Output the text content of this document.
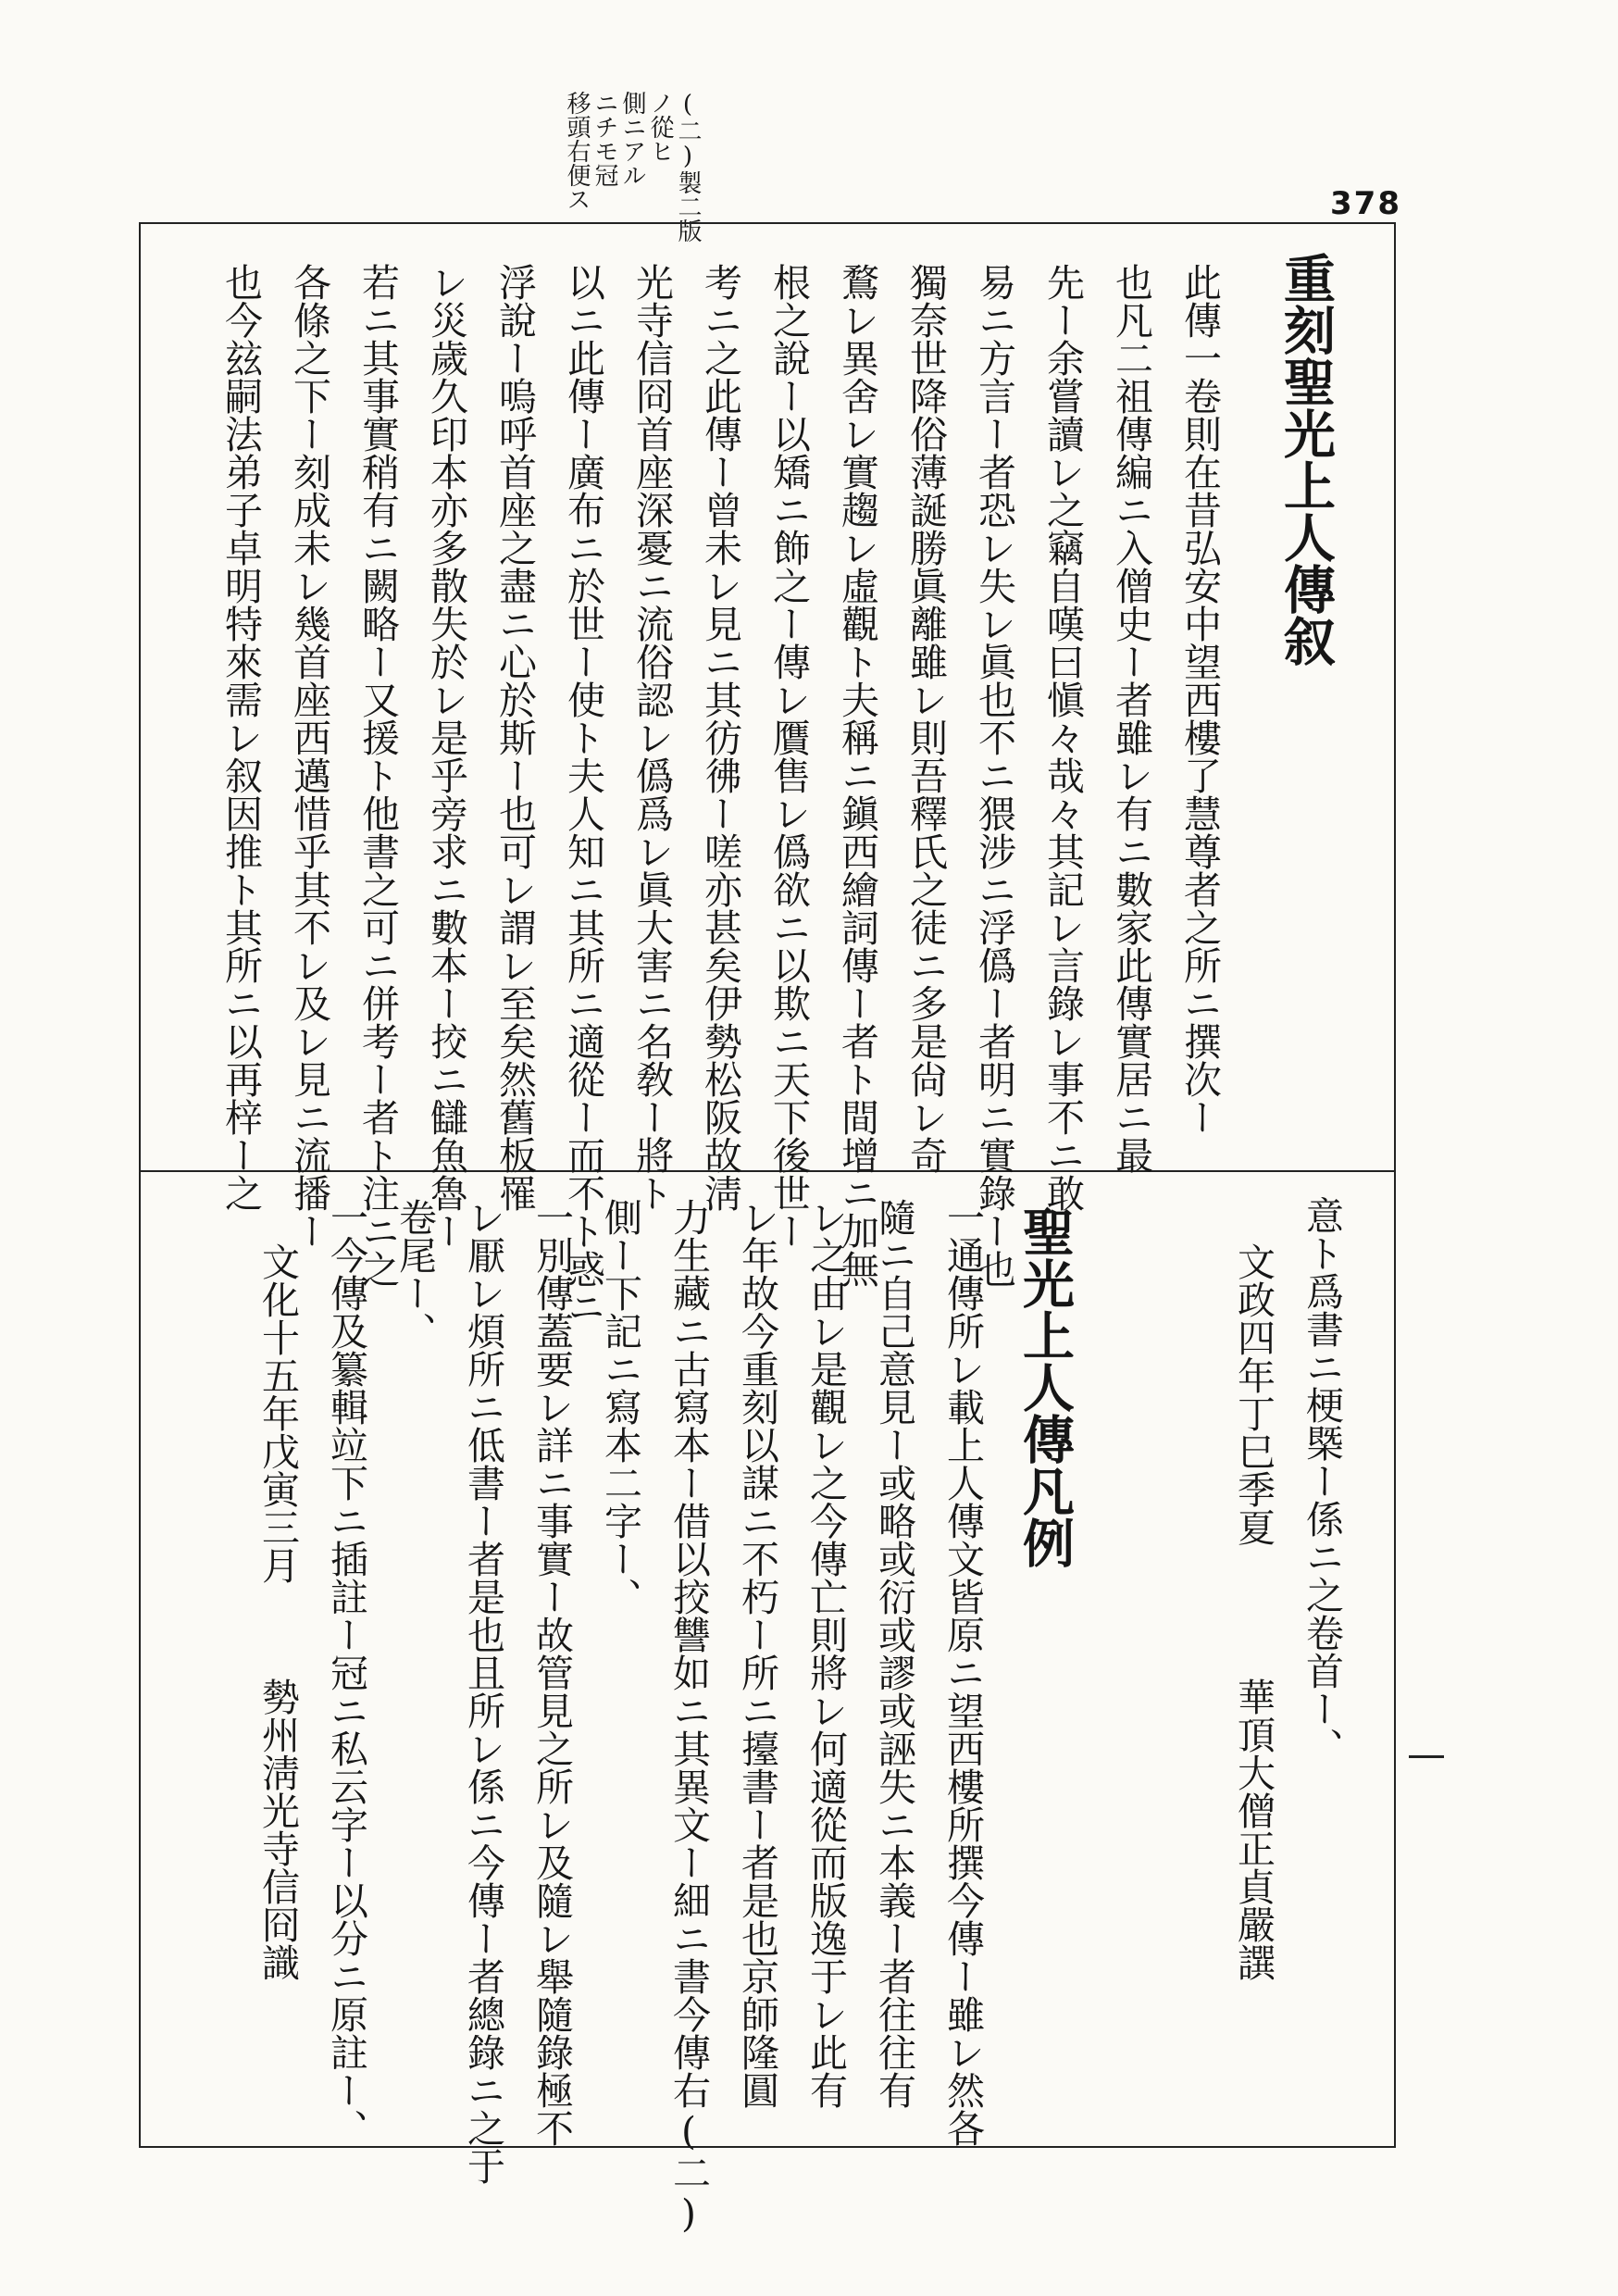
378
(二)製二版
ノ從ヒ
側ニアル
ニチモ冠
移頭右便ス
重刻聖光上人傳叙
此傳一卷則在昔弘安中望西樓了慧尊者之所ニ撰次ー
也凡二祖傳編ニ入僧史ー者雖レ有ニ數家此傳實居ニ最
先ー余嘗讀レ之竊自嘆曰愼々哉々其記レ言錄レ事不ニ敢
易ニ方言ー者恐レ失レ眞也不ニ猥涉ニ浮僞ー者明ニ實錄ー也
獨奈世降俗薄誕勝眞離雖レ則吾釋氏之徒ニ多是尙レ奇
鶩レ異舍レ實趨レ虛觀ト夫稱ニ鎭西繪詞傳ー者ト間增ニ加無
根之說ー以矯ニ飾之ー傳レ贋售レ僞欲ニ以欺ニ天下後世ー
考ニ之此傳ー曾未レ見ニ其彷彿ー嗟亦甚矣伊勢松阪故淸
光寺信冏首座深憂ニ流俗認レ僞爲レ眞大害ニ名敎ー將ト
以ニ此傳ー廣布ニ於世ー使ト夫人知ニ其所ニ適從ー而不ト惑ニ
浮說ー嗚呼首座之盡ニ心於斯ー也可レ謂レ至矣然舊板罹
レ災歲久印本亦多散失於レ是乎旁求ニ數本ー挍ニ讎魚魯ー
若ニ其事實稍有ニ闕略ー又援ト他書之可ニ併考ー者ト注ニ之
各條之下ー刻成未レ幾首座西邁惜乎其不レ及レ見ニ流播ー
也今玆嗣法弟子卓明特來需レ叙因推ト其所ニ以再梓ー之
意ト爲書ニ梗槩ー係ニ之卷首ー、
文政四年丁巳季夏
華頂大僧正貞嚴譔
聖光上人傳凡例
一通傳所レ載上人傳文皆原ニ望西樓所撰今傳ー雖レ然各
隨ニ自己意見ー或略或衍或謬或誣失ニ本義ー者往往有
レ之由レ是觀レ之今傳亡則將レ何適從而版逸于レ此有
レ年故今重刻以謀ニ不朽ー所ニ擡書ー者是也京師隆圓
力生藏ニ古寫本ー借以挍讐如ニ其異文ー細ニ書今傳右(二)
側ー下記ニ寫本二字ー、
一別傳蓋要レ詳ニ事實ー故管見之所レ及隨レ舉隨錄極不
レ厭レ煩所ニ低書ー者是也且所レ係ニ今傳ー者總錄ニ之于
卷尾ー、
一今傳及纂輯竝下ニ插註ー冠ニ私云字ー以分ニ原註ー、
文化十五年戊寅三月
勢州淸光寺信冏識
